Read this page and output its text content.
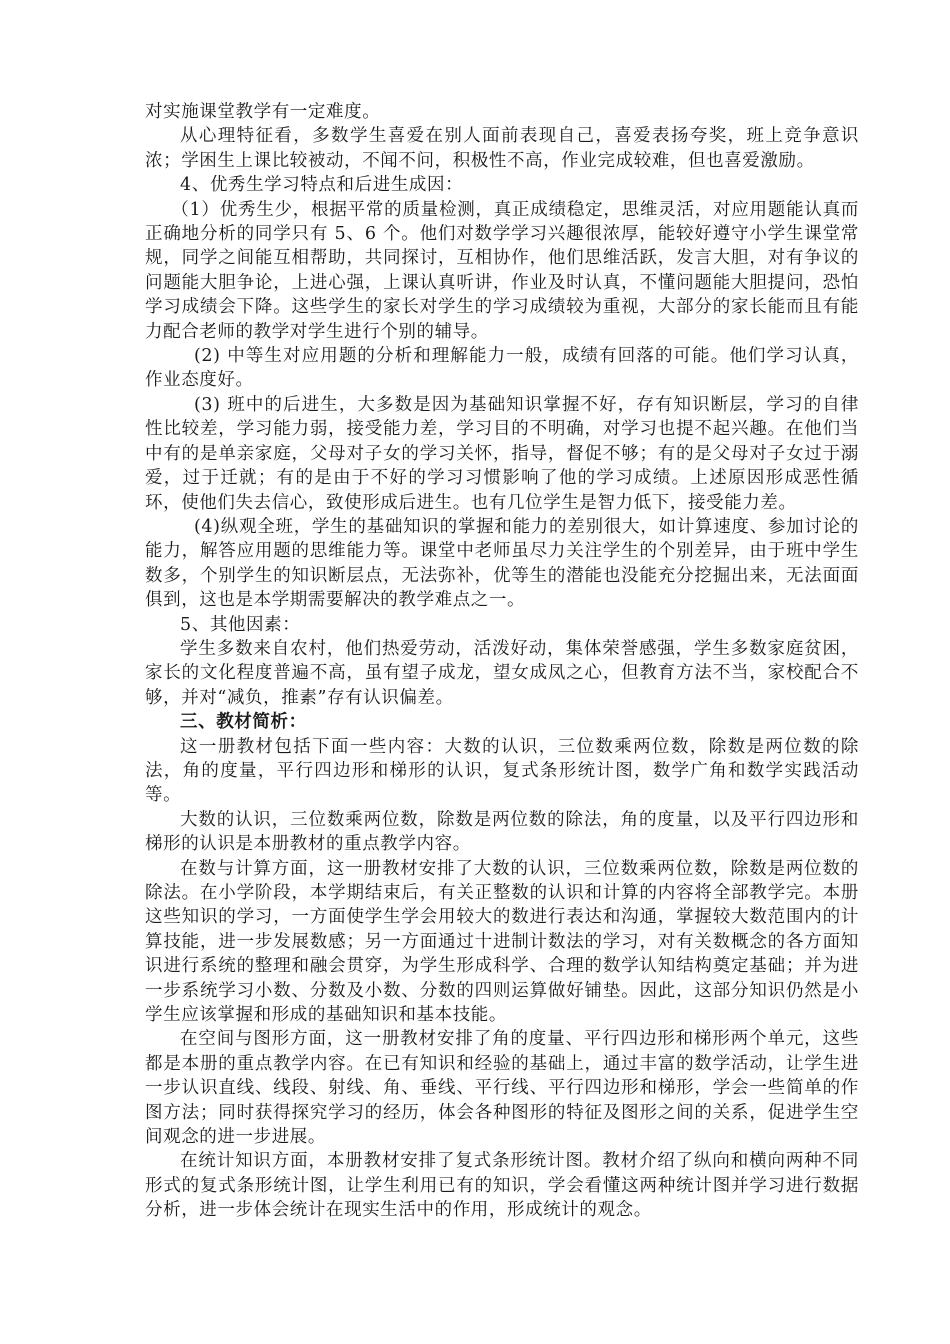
对实施课堂教学有一定难度。

从心理特征看，多数学生喜爱在别人面前表现自己，喜爱表扬夸奖，班上竞争意识浓；学困生上课比较被动，不闻不问，积极性不高，作业完成较难，但也喜爱激励。

4、优秀生学习特点和后进生成因：

（1）优秀生少，根据平常的质量检测，真正成绩稳定，思维灵活，对应用题能认真而正确地分析的同学只有 5、6 个。他们对数学学习兴趣很浓厚，能较好遵守小学生课堂常规，同学之间能互相帮助，共同探讨，互相协作，他们思维活跃，发言大胆，对有争议的问题能大胆争论，上进心强，上课认真听讲，作业及时认真，不懂问题能大胆提问，恐怕学习成绩会下降。这些学生的家长对学生的学习成绩较为重视，大部分的家长能而且有能力配合老师的教学对学生进行个别的辅导。

(2) 中等生对应用题的分析和理解能力一般，成绩有回落的可能。他们学习认真，作业态度好。

(3) 班中的后进生，大多数是因为基础知识掌握不好，存有知识断层，学习的自律性比较差，学习能力弱，接受能力差，学习目的不明确，对学习也提不起兴趣。在他们当中有的是单亲家庭，父母对子女的学习关怀，指导，督促不够；有的是父母对子女过于溺爱，过于迁就；有的是由于不好的学习习惯影响了他的学习成绩。上述原因形成恶性循环，使他们失去信心，致使形成后进生。也有几位学生是智力低下，接受能力差。

(4)纵观全班，学生的基础知识的掌握和能力的差别很大，如计算速度、参加讨论的能力，解答应用题的思维能力等。课堂中老师虽尽力关注学生的个别差异，由于班中学生数多，个别学生的知识断层点，无法弥补，优等生的潜能也没能充分挖掘出来，无法面面俱到，这也是本学期需要解决的教学难点之一。

5、其他因素：

学生多数来自农村，他们热爱劳动，活泼好动，集体荣誉感强，学生多数家庭贫困，家长的文化程度普遍不高，虽有望子成龙，望女成凤之心，但教育方法不当，家校配合不够，并对“减负，推素”存有认识偏差。

三、教材简析：

这一册教材包括下面一些内容：大数的认识，三位数乘两位数，除数是两位数的除法，角的度量，平行四边形和梯形的认识，复式条形统计图，数学广角和数学实践活动等。

大数的认识，三位数乘两位数，除数是两位数的除法，角的度量，以及平行四边形和梯形的认识是本册教材的重点教学内容。

在数与计算方面，这一册教材安排了大数的认识，三位数乘两位数，除数是两位数的除法。在小学阶段，本学期结束后，有关正整数的认识和计算的内容将全部教学完。本册这些知识的学习，一方面使学生学会用较大的数进行表达和沟通，掌握较大数范围内的计算技能，进一步发展数感；另一方面通过十进制计数法的学习，对有关数概念的各方面知识进行系统的整理和融会贯穿，为学生形成科学、合理的数学认知结构奠定基础；并为进一步系统学习小数、分数及小数、分数的四则运算做好铺垫。因此，这部分知识仍然是小学生应该掌握和形成的基础知识和基本技能。

在空间与图形方面，这一册教材安排了角的度量、平行四边形和梯形两个单元，这些都是本册的重点教学内容。在已有知识和经验的基础上，通过丰富的数学活动，让学生进一步认识直线、线段、射线、角、垂线、平行线、平行四边形和梯形，学会一些简单的作图方法；同时获得探究学习的经历，体会各种图形的特征及图形之间的关系，促进学生空间观念的进一步进展。

在统计知识方面，本册教材安排了复式条形统计图。教材介绍了纵向和横向两种不同形式的复式条形统计图，让学生利用已有的知识，学会看懂这两种统计图并学习进行数据分析，进一步体会统计在现实生活中的作用，形成统计的观念。
